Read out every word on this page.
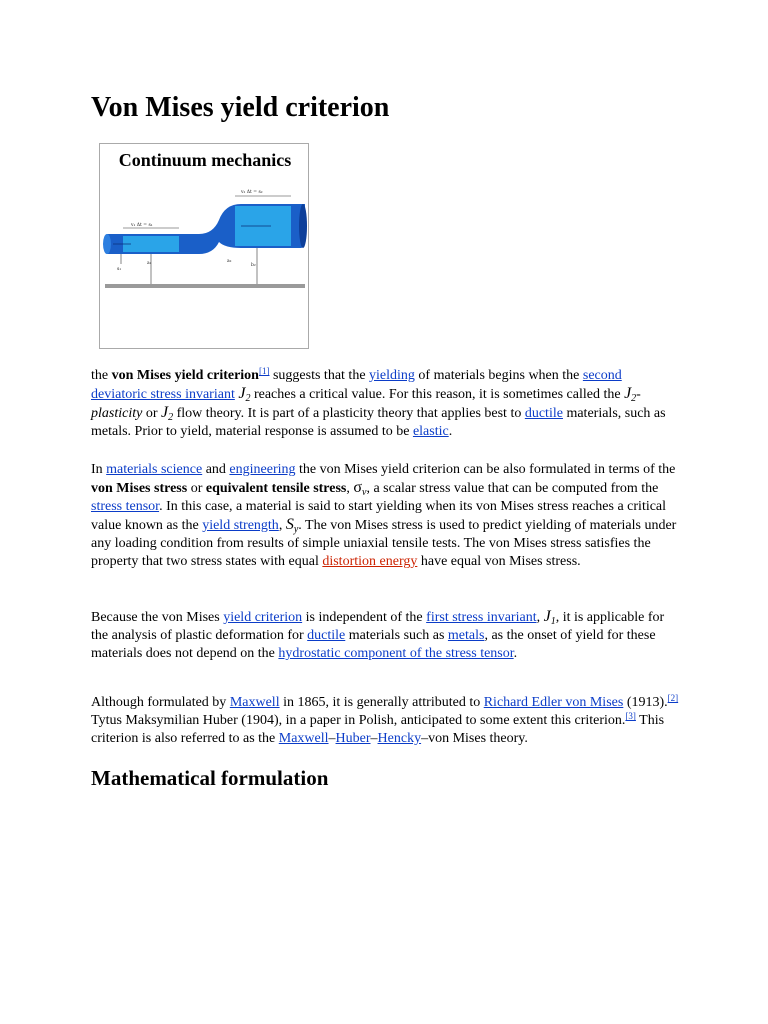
Von Mises yield criterion
Continuum mechanics
v₂ Δt = s₂
v₁ Δt = s₁
s₁
a₁	a₂
b₂

the von Mises yield criterion[1] suggests that the yielding of materials begins when the second deviatoric stress invariant $J_2$ reaches a critical value. For this reason, it is sometimes called the $J_2$-plasticity or $J_2$ flow theory. It is part of a plasticity theory that applies best to ductile materials, such as metals. Prior to yield, material response is assumed to be elastic.

In materials science and engineering the von Mises yield criterion can be also formulated in terms of the von Mises stress or equivalent tensile stress, $\sigma_v$, a scalar stress value that can be computed from the stress tensor. In this case, a material is said to start yielding when its von Mises stress reaches a critical value known as the yield strength, $S_y$. The von Mises stress is used to predict yielding of materials under any loading condition from results of simple uniaxial tensile tests. The von Mises stress satisfies the property that two stress states with equal distortion energy have equal von Mises stress.

Because the von Mises yield criterion is independent of the first stress invariant, $J_1$, it is applicable for the analysis of plastic deformation for ductile materials such as metals, as the onset of yield for these materials does not depend on the hydrostatic component of the stress tensor.

Although formulated by Maxwell in 1865, it is generally attributed to Richard Edler von Mises (1913).[2] Tytus Maksymilian Huber (1904), in a paper in Polish, anticipated to some extent this criterion.[3] This criterion is also referred to as the Maxwell–Huber–Hencky–von Mises theory.

Mathematical formulation
